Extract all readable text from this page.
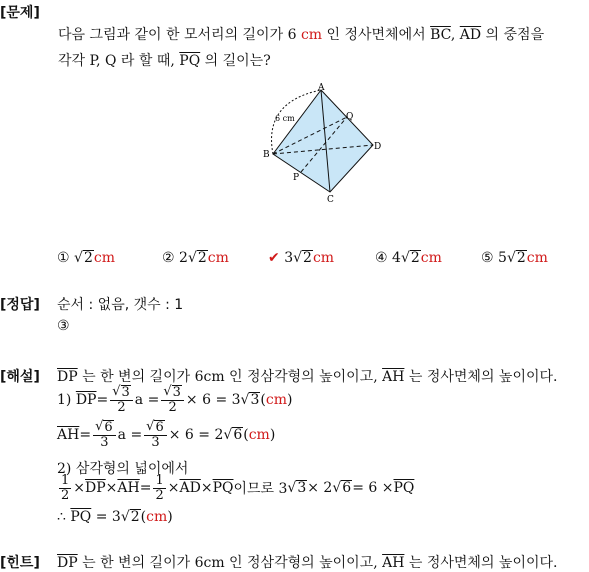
[문제]
다음 그림과 같이 한 모서리의 길이가 6 cm 인 정사면체에서 $\overline{BC}$, $\overline{AD}$ 의 중점을
각각 P, Q 라 할 때, $\overline{PQ}$ 의 길이는?
A
B
C
D
P
Q
6 cm
① √ 2 cm	② 2√ 2 cm	✔ 3√ 2 cm	④ 4√ 2 cm	⑤ 5√ 2 cm
[정답] 순서 : 없음, 갯수 : 1
③
[해설] $\overline{DP}$ 는 한 변의 길이가 6cm 인 정삼각형의 높이이고, $\overline{AH}$ 는 정사면체의 높이이다.
1)
$\overline{DP} = \frac{√ 3}{2}$ $a = \frac{√ 3}{2} \times 6 = 3$ √ 3 ( cm )
$\overline{AH} = \frac{√ 6}{3}$ $a = \frac{√ 6}{3} \times 6 = 2$ √ 6 ( cm )
2) 삼각형의 넓이에서
$\frac{1}{2} \times \overline{DP} \times \overline{AH} = \frac{1}{2} \times \overline{AD} \times \overline{PQ}$ 이므로 3 √ 3 × 2 √ $6 = 6 \times \overline{PQ}$
∴ $\overline{PQ} = 3√$ 2 (cm)
[힌트] $\overline{DP}$ 는 한 변의 길이가 6cm 인 정삼각형의 높이이고, $\overline{AH}$ 는 정사면체의 높이이다.
